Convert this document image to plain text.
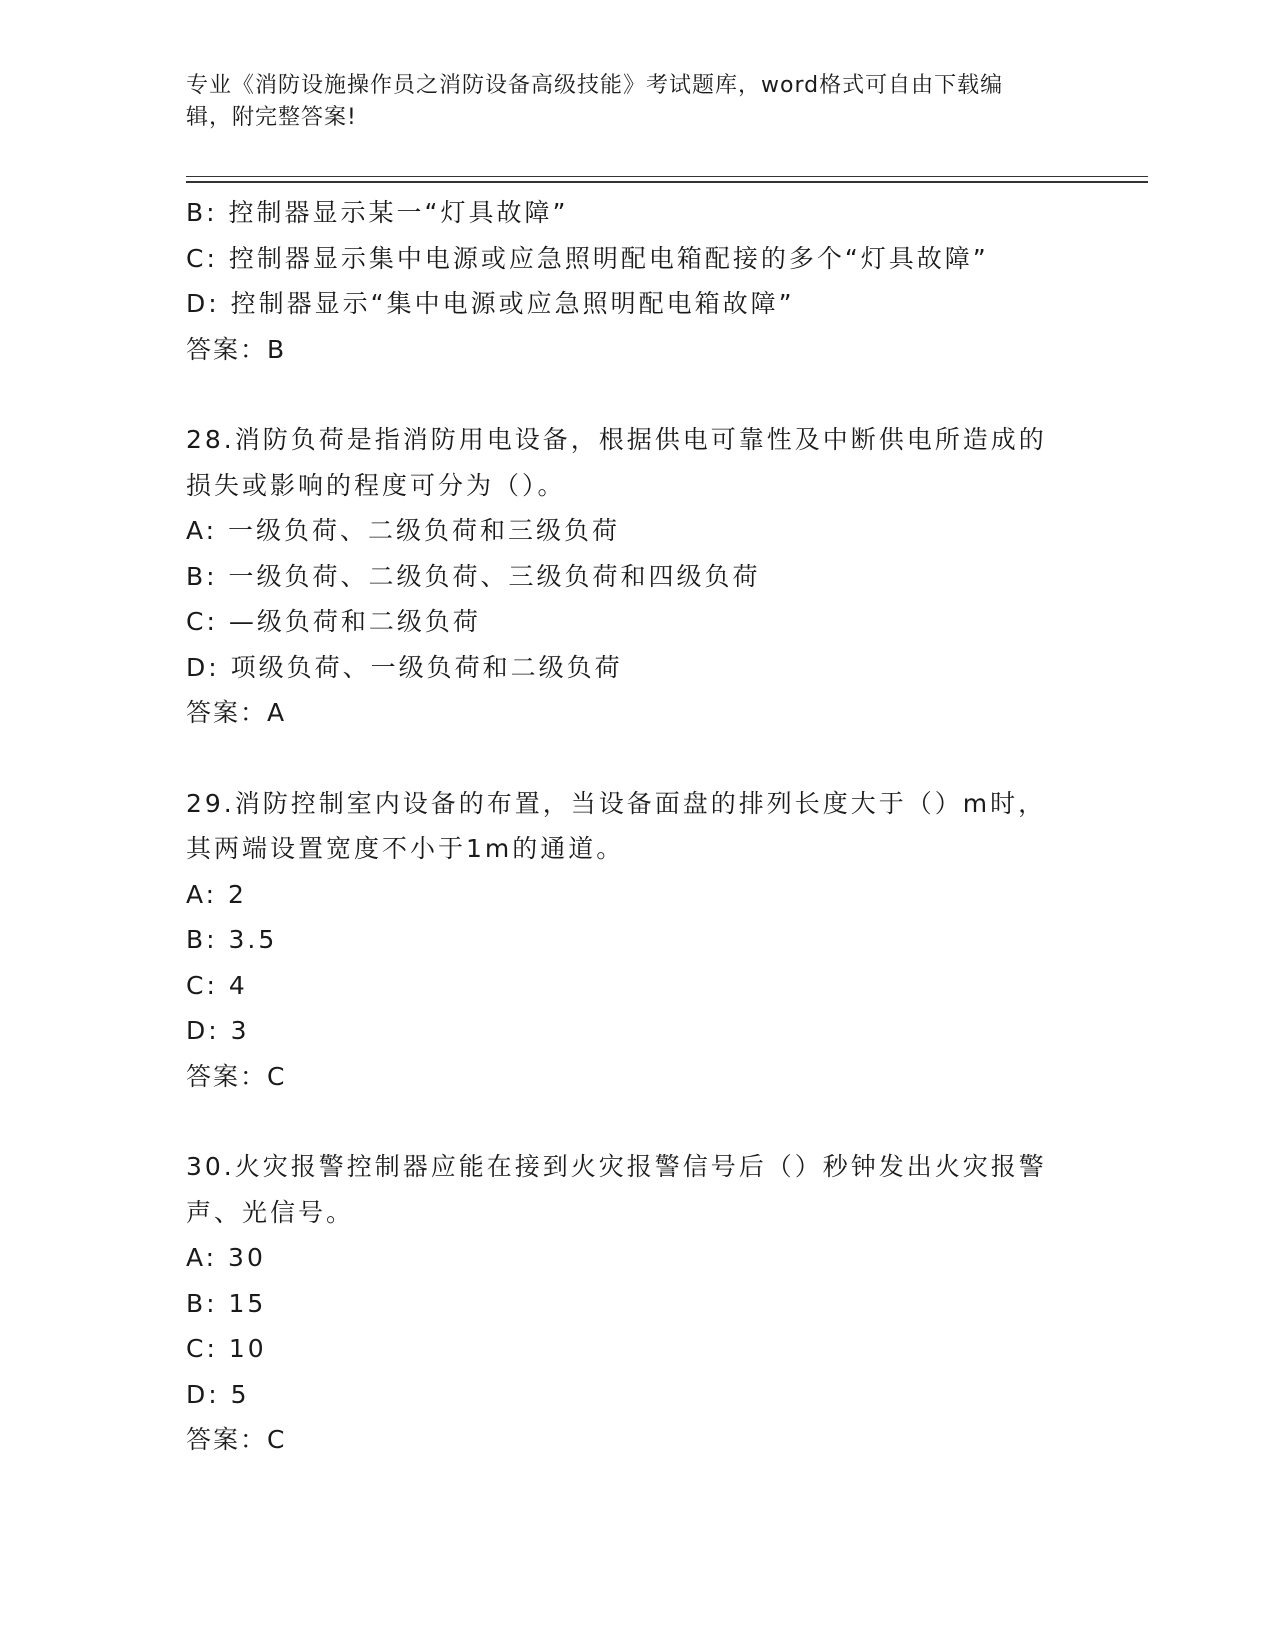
专业《消防设施操作员之消防设备高级技能》考试题库，word格式可自由下载编
辑，附完整答案!
B: 控制器显示某一“灯具故障”
C: 控制器显示集中电源或应急照明配电箱配接的多个“灯具故障”
D: 控制器显示“集中电源或应急照明配电箱故障”
答案：B
28.消防负荷是指消防用电设备，根据供电可靠性及中断供电所造成的
损失或影响的程度可分为（）。
A: 一级负荷、二级负荷和三级负荷
B: 一级负荷、二级负荷、三级负荷和四级负荷
C: —级负荷和二级负荷
D: 项级负荷、一级负荷和二级负荷
答案：A
29.消防控制室内设备的布置，当设备面盘的排列长度大于（）m时，
其两端设置宽度不小于1m的通道。
A: 2
B: 3.5
C: 4
D: 3
答案：C
30.火灾报警控制器应能在接到火灾报警信号后（）秒钟发出火灾报警
声、光信号。
A: 30
B: 15
C: 10
D: 5
答案：C
